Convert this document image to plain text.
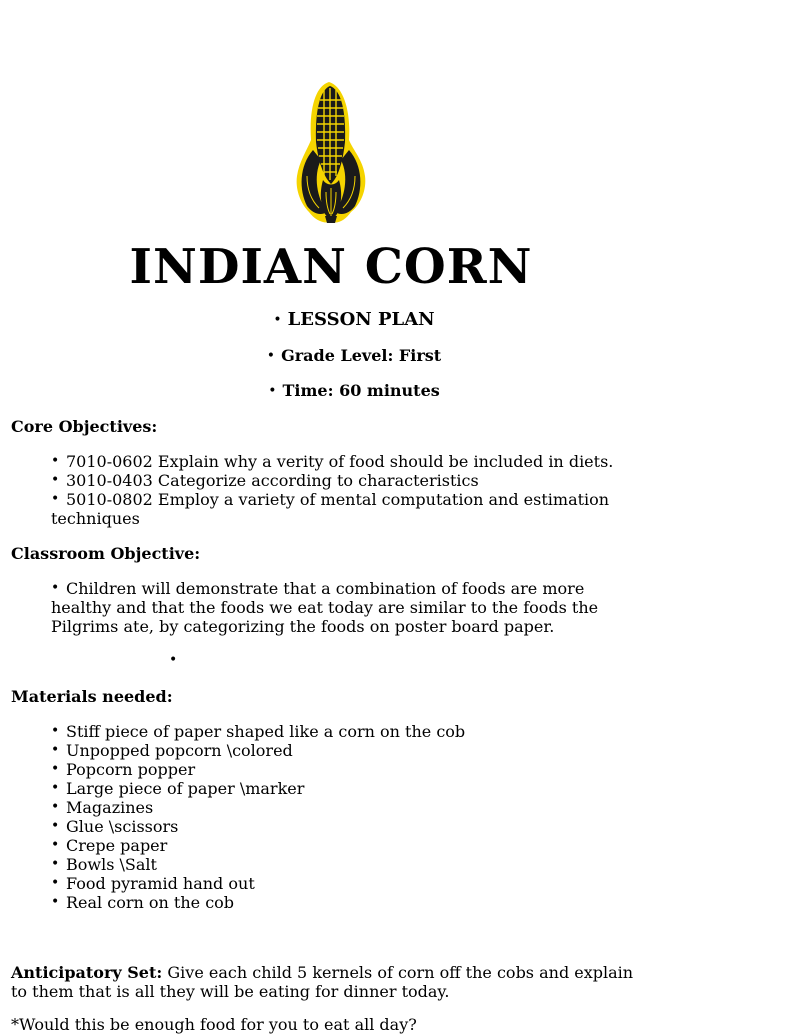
INDIAN CORN
• LESSON PLAN
• Grade Level: First
• Time: 60 minutes
Core Objectives:
• 7010-0602 Explain why a verity of food should be included in diets.
• 3010-0403 Categorize according to characteristics
• 5010-0802 Employ a variety of mental computation and estimation techniques
Classroom Objective:
• Children will demonstrate that a combination of foods are more healthy and that the foods we eat today are similar to the foods the Pilgrims ate, by categorizing the foods on poster board paper.
•
Materials needed:
• Stiff piece of paper shaped like a corn on the cob
• Unpopped popcorn \colored
• Popcorn popper
• Large piece of paper \marker
• Magazines
• Glue \scissors
• Crepe paper
• Bowls \Salt
• Food pyramid hand out
• Real corn on the cob
Anticipatory Set: Give each child 5 kernels of corn off the cobs and explain to them that is all they will be eating for dinner today.
*Would this be enough food for you to eat all day?
